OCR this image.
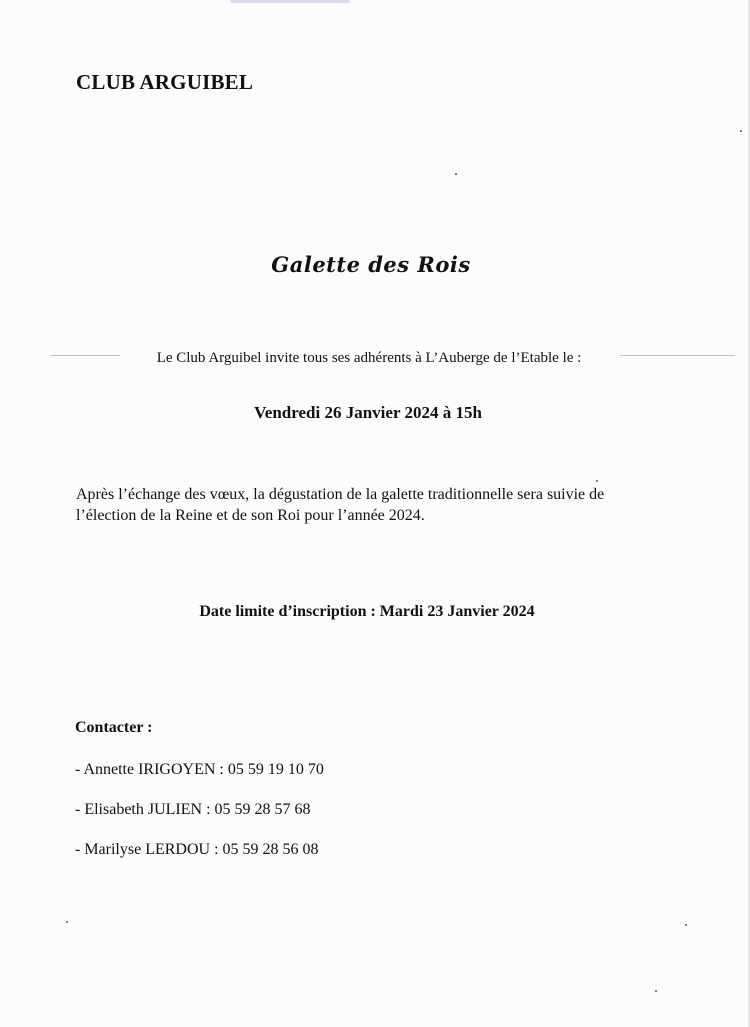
CLUB ARGUIBEL
Galette des Rois
Le Club Arguibel invite tous ses adhérents à L’Auberge de l’Etable le :
Vendredi 26 Janvier 2024 à 15h
Après l’échange des vœux, la dégustation de la galette traditionnelle sera suivie de
l’élection de la Reine et de son Roi pour l’année 2024.
Date limite d’inscription : Mardi 23 Janvier 2024
Contacter :
- Annette IRIGOYEN : 05 59 19 10 70
- Elisabeth JULIEN : 05 59 28 57 68
- Marilyse LERDOU : 05 59 28 56 08
